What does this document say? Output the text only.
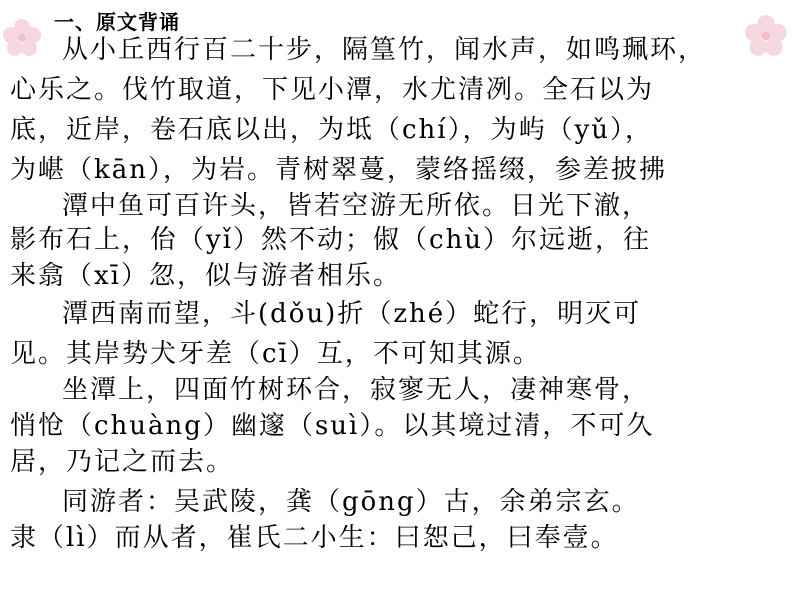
一、原文背诵
从小丘西行百二十步，隔篁竹，闻水声，如鸣珮环，
心乐之。伐竹取道，下见小潭，水尤清冽。全石以为
底，近岸，卷石底以出，为坻（chí），为屿（yǔ），
为嵁（kān），为岩。青树翠蔓，蒙络摇缀，参差披拂
潭中鱼可百许头，皆若空游无所依。日光下澈，
影布石上，佁（yǐ）然不动；俶（chù）尔远逝，往
来翕（xī）忽，似与游者相乐。
潭西南而望，斗(dǒu)折（zhé）蛇行，明灭可
见。其岸势犬牙差（cī）互，不可知其源。
坐潭上，四面竹树环合，寂寥无人，凄神寒骨，
悄怆（chuàng）幽邃（suì）。以其境过清，不可久
居，乃记之而去。
同游者：吴武陵，龚（gōng）古，余弟宗玄。
隶（lì）而从者，崔氏二小生：曰恕己，曰奉壹。
